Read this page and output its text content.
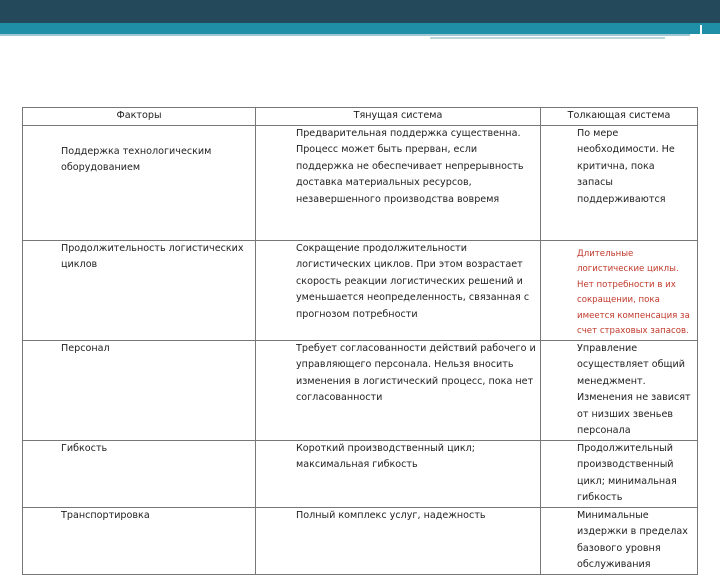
Факторы	Тянущая система	Толкающая система

Поддержка технологическим оборудованием	Предварительная поддержка существенна. Процесс может быть прерван, если поддержка не обеспечивает непрерывность доставка материальных ресурсов, незавершенного производства вовремя	По мере необходимости. Не критична, пока запасы поддерживаются
Продолжительность логистических циклов	Сокращение продолжительности логистических циклов. При этом возрастает скорость реакции логистических решений и уменьшается неопределенность, связанная с прогнозом потребности	Длительные логистические циклы. Нет потребности в их сокращении, пока имеется компенсация за счет страховых запасов.

Персонал	Требует согласованности действий рабочего и управляющего персонала. Нельзя вносить изменения в логистический процесс, пока нет согласованности	Управление осуществляет общий менеджмент. Изменения не зависят от низших звеньев персонала
Гибкость	Короткий производственный цикл; максимальная гибкость	Продолжительный производственный цикл; минимальная гибкость
Транспортировка	Полный комплекс услуг, надежность	Минимальные издержки в пределах базового уровня обслуживания
